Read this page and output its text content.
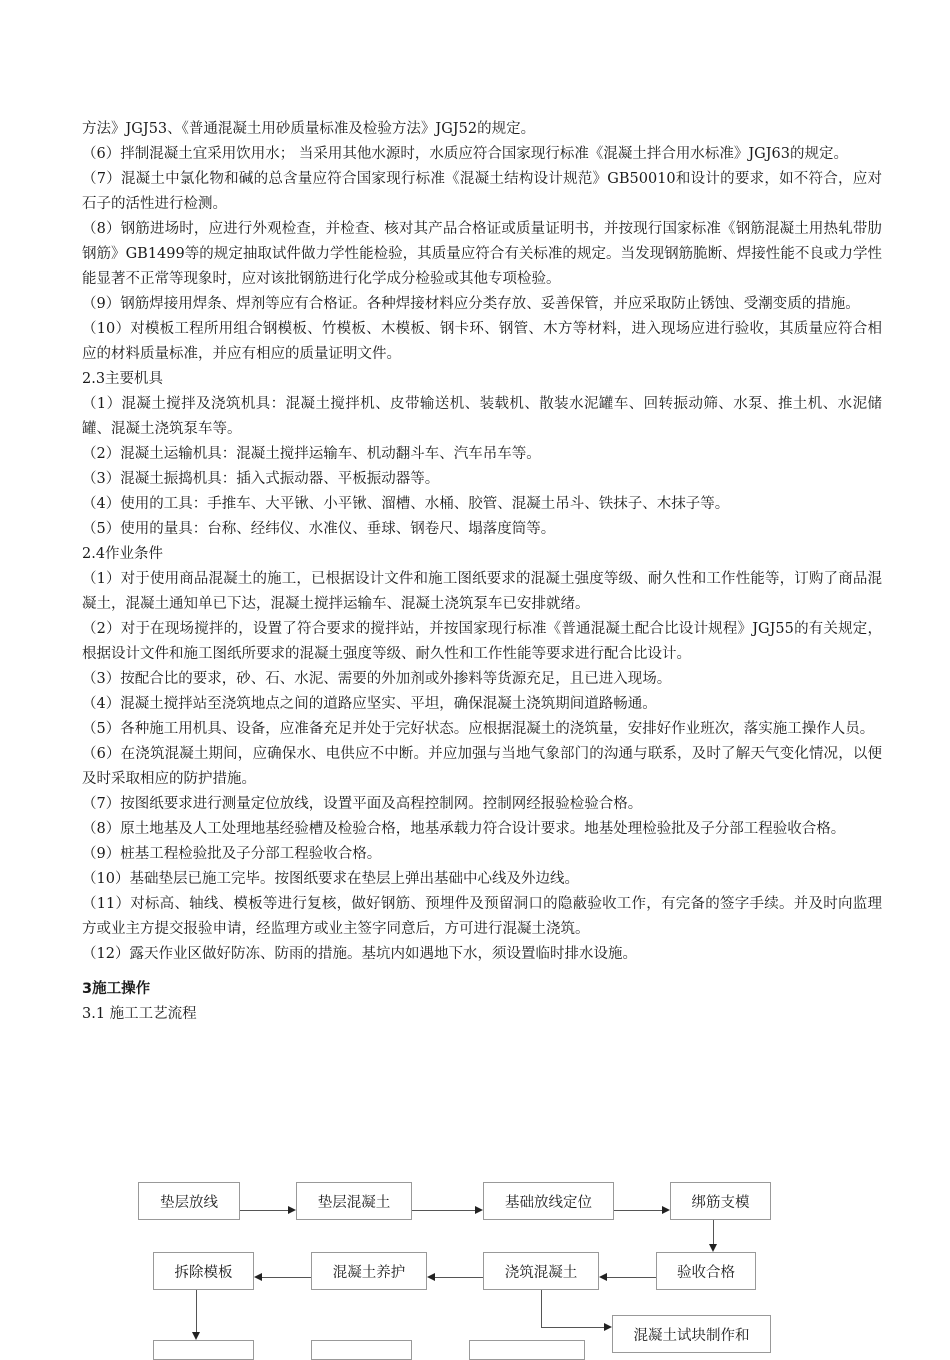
方法》JGJ53、《普通混凝土用砂质量标准及检验方法》JGJ52的规定。

（6）拌制混凝土宜采用饮用水； 当采用其他水源时，水质应符合国家现行标准《混凝土拌合用水标准》JGJ63的规定。

（7）混凝土中氯化物和碱的总含量应符合国家现行标准《混凝土结构设计规范》GB50010和设计的要求，如不符合，应对石子的活性进行检测。

（8）钢筋进场时，应进行外观检查，并检查、核对其产品合格证或质量证明书，并按现行国家标准《钢筋混凝土用热轧带肋钢筋》GB1499等的规定抽取试件做力学性能检验，其质量应符合有关标准的规定。当发现钢筋脆断、焊接性能不良或力学性能显著不正常等现象时，应对该批钢筋进行化学成分检验或其他专项检验。

（9）钢筋焊接用焊条、焊剂等应有合格证。各种焊接材料应分类存放、妥善保管，并应采取防止锈蚀、受潮变质的措施。

（10）对模板工程所用组合钢模板、竹模板、木模板、钢卡环、钢管、木方等材料，进入现场应进行验收，其质量应符合相应的材料质量标准，并应有相应的质量证明文件。

2.3主要机具

（1）混凝土搅拌及浇筑机具：混凝土搅拌机、皮带输送机、装载机、散装水泥罐车、回转振动筛、水泵、推土机、水泥储罐、混凝土浇筑泵车等。

（2）混凝土运输机具：混凝土搅拌运输车、机动翻斗车、汽车吊车等。

（3）混凝土振捣机具：插入式振动器、平板振动器等。

（4）使用的工具：手推车、大平锹、小平锹、溜槽、水桶、胶管、混凝土吊斗、铁抹子、木抹子等。

（5）使用的量具：台称、经纬仪、水准仪、垂球、钢卷尺、塌落度筒等。

2.4作业条件

（1）对于使用商品混凝土的施工，已根据设计文件和施工图纸要求的混凝土强度等级、耐久性和工作性能等，订购了商品混凝土，混凝土通知单已下达，混凝土搅拌运输车、混凝土浇筑泵车已安排就绪。

（2）对于在现场搅拌的，设置了符合要求的搅拌站，并按国家现行标准《普通混凝土配合比设计规程》JGJ55的有关规定，根据设计文件和施工图纸所要求的混凝土强度等级、耐久性和工作性能等要求进行配合比设计。

（3）按配合比的要求，砂、石、水泥、需要的外加剂或外掺料等货源充足，且已进入现场。

（4）混凝土搅拌站至浇筑地点之间的道路应坚实、平坦，确保混凝土浇筑期间道路畅通。

（5）各种施工用机具、设备，应准备充足并处于完好状态。应根据混凝土的浇筑量，安排好作业班次，落实施工操作人员。

（6）在浇筑混凝土期间，应确保水、电供应不中断。并应加强与当地气象部门的沟通与联系，及时了解天气变化情况，以便及时采取相应的防护措施。

（7）按图纸要求进行测量定位放线，设置平面及高程控制网。控制网经报验检验合格。

（8）原土地基及人工处理地基经验槽及检验合格，地基承载力符合设计要求。地基处理检验批及子分部工程验收合格。

（9）桩基工程检验批及子分部工程验收合格。

（10）基础垫层已施工完毕。按图纸要求在垫层上弹出基础中心线及外边线。

（11）对标高、轴线、模板等进行复核，做好钢筋、预埋件及预留洞口的隐蔽验收工作，有完备的签字手续。并及时向监理方或业主方提交报验申请，经监理方或业主签字同意后，方可进行混凝土浇筑。

（12）露天作业区做好防冻、防雨的措施。基坑内如遇地下水，须设置临时排水设施。

3施工操作

3.1 施工工艺流程

垫层放线	垫层混凝土	基础放线定位	绑筋支模
拆除模板	混凝土养护	浇筑混凝土	验收合格
混凝土试块制作和
